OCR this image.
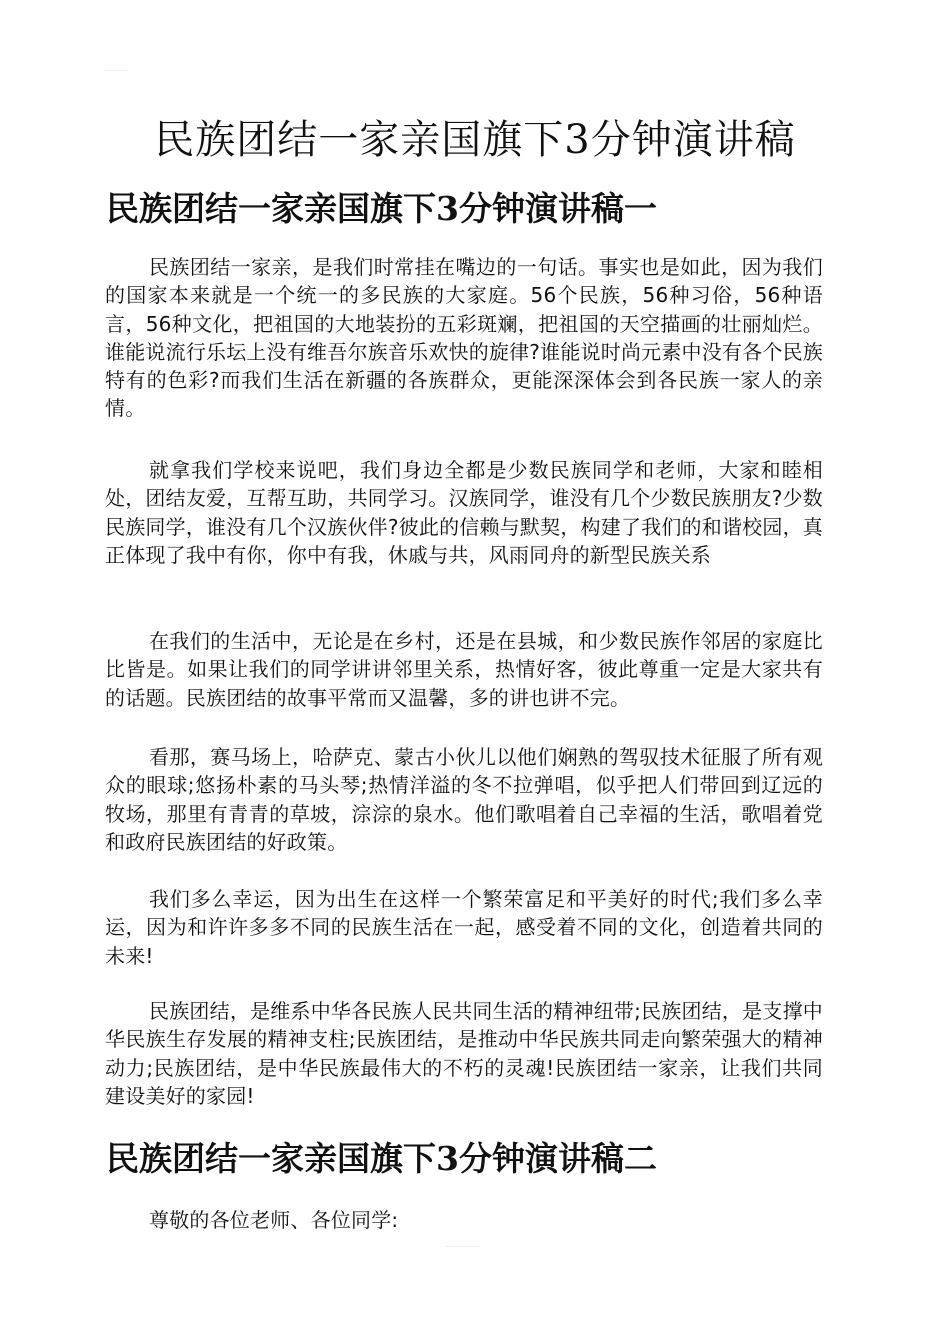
民族团结一家亲国旗下3分钟演讲稿
民族团结一家亲国旗下3分钟演讲稿一

民族团结一家亲，是我们时常挂在嘴边的一句话。事实也是如此，因为我们的国家本来就是一个统一的多民族的大家庭。56个民族，56种习俗，56种语言，56种文化，把祖国的大地装扮的五彩斑斓，把祖国的天空描画的壮丽灿烂。谁能说流行乐坛上没有维吾尔族音乐欢快的旋律?谁能说时尚元素中没有各个民族特有的色彩?而我们生活在新疆的各族群众，更能深深体会到各民族一家人的亲情。

就拿我们学校来说吧，我们身边全都是少数民族同学和老师，大家和睦相处，团结友爱，互帮互助，共同学习。汉族同学，谁没有几个少数民族朋友?少数民族同学，谁没有几个汉族伙伴?彼此的信赖与默契，构建了我们的和谐校园，真正体现了我中有你，你中有我，休戚与共，风雨同舟的新型民族关系

在我们的生活中，无论是在乡村，还是在县城，和少数民族作邻居的家庭比比皆是。如果让我们的同学讲讲邻里关系，热情好客，彼此尊重一定是大家共有的话题。民族团结的故事平常而又温馨，多的讲也讲不完。

看那，赛马场上，哈萨克、蒙古小伙儿以他们娴熟的驾驭技术征服了所有观众的眼球;悠扬朴素的马头琴;热情洋溢的冬不拉弹唱，似乎把人们带回到辽远的牧场，那里有青青的草坡，淙淙的泉水。他们歌唱着自己幸福的生活，歌唱着党和政府民族团结的好政策。

我们多么幸运，因为出生在这样一个繁荣富足和平美好的时代;我们多么幸运，因为和许许多多不同的民族生活在一起，感受着不同的文化，创造着共同的未来!

民族团结，是维系中华各民族人民共同生活的精神纽带;民族团结，是支撑中华民族生存发展的精神支柱;民族团结，是推动中华民族共同走向繁荣强大的精神动力;民族团结，是中华民族最伟大的不朽的灵魂!民族团结一家亲，让我们共同建设美好的家园!

民族团结一家亲国旗下3分钟演讲稿二

尊敬的各位老师、各位同学:
